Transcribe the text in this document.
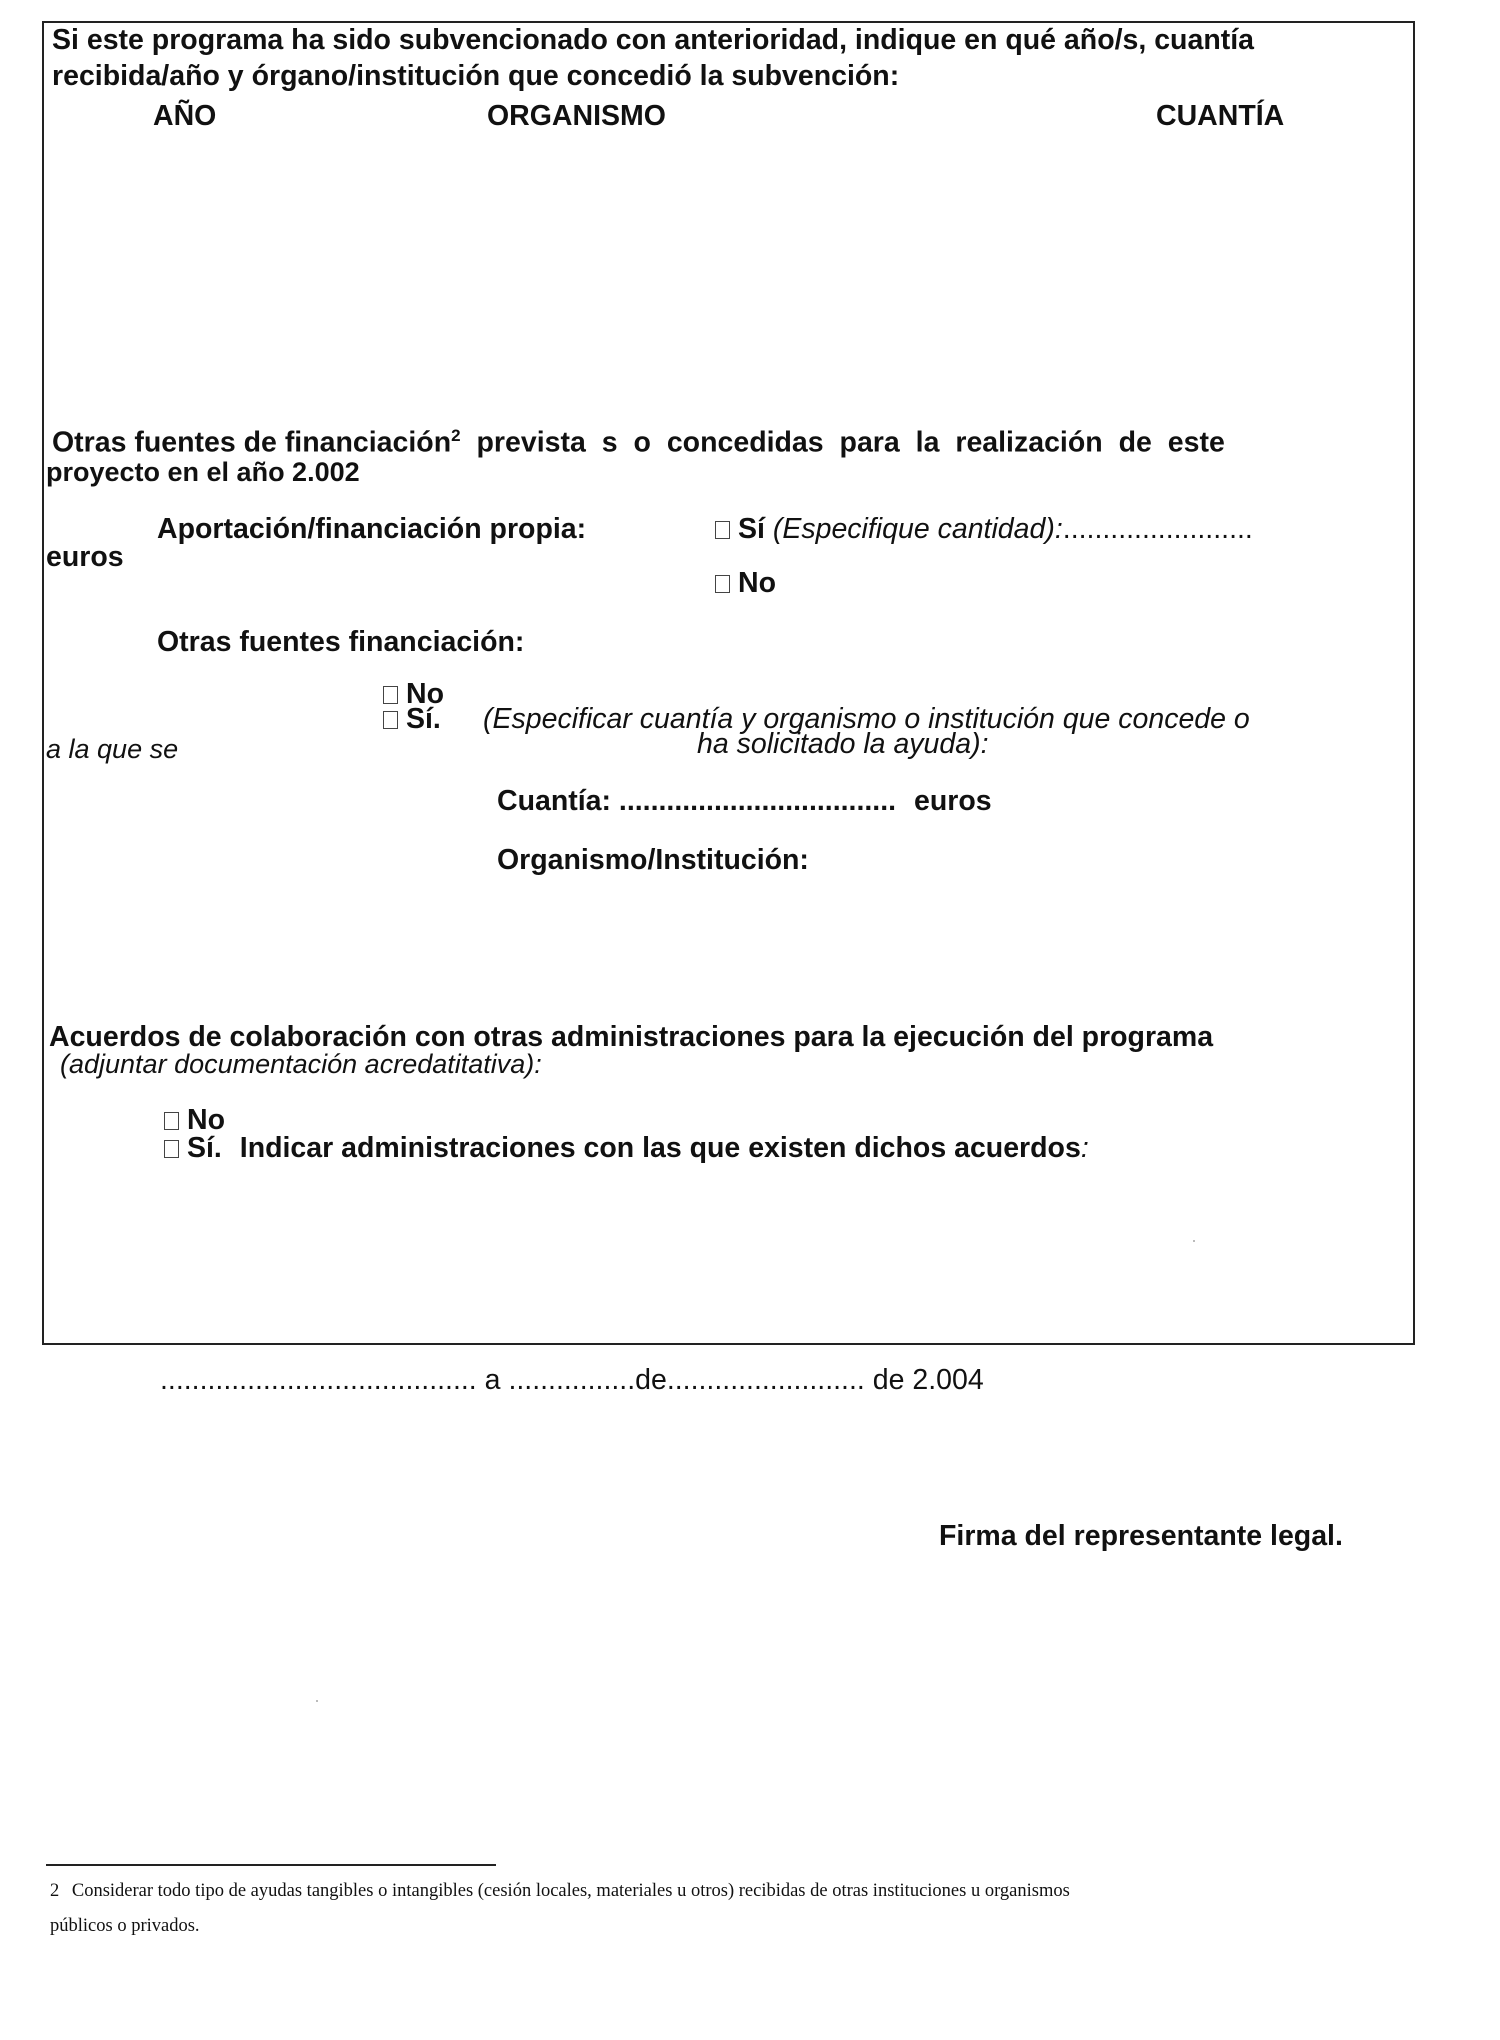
Si este programa ha sido subvencionado con anterioridad, indique en qué año/s, cuantía
recibida/año y órgano/institución que concedió la subvención:
AÑO	ORGANISMO	CUANTÍA
Otras fuentes de financiación$^2$ prevista s o concedidas para la realización de este
proyecto en el año 2.002
Aportación/financiación propia:	Sí (Especifique cantidad):........................
euros
No
Otras fuentes financiación:
No
Sí. (Especificar cuantía y organismo o institución que concede o
a la que se	ha solicitado la ayuda):
Cuantía: ................................... euros
Organismo/Institución:
Acuerdos de colaboración con otras administraciones para la ejecución del programa
(adjuntar documentación acredatitativa):
No
Sí. Indicar administraciones con las que existen dichos acuerdos:
........................................ a ................de......................... de 2.004
Firma del representante legal.
2 Considerar todo tipo de ayudas tangibles o intangibles (cesión locales, materiales u otros) recibidas de otras instituciones u organismos
públicos o privados.
